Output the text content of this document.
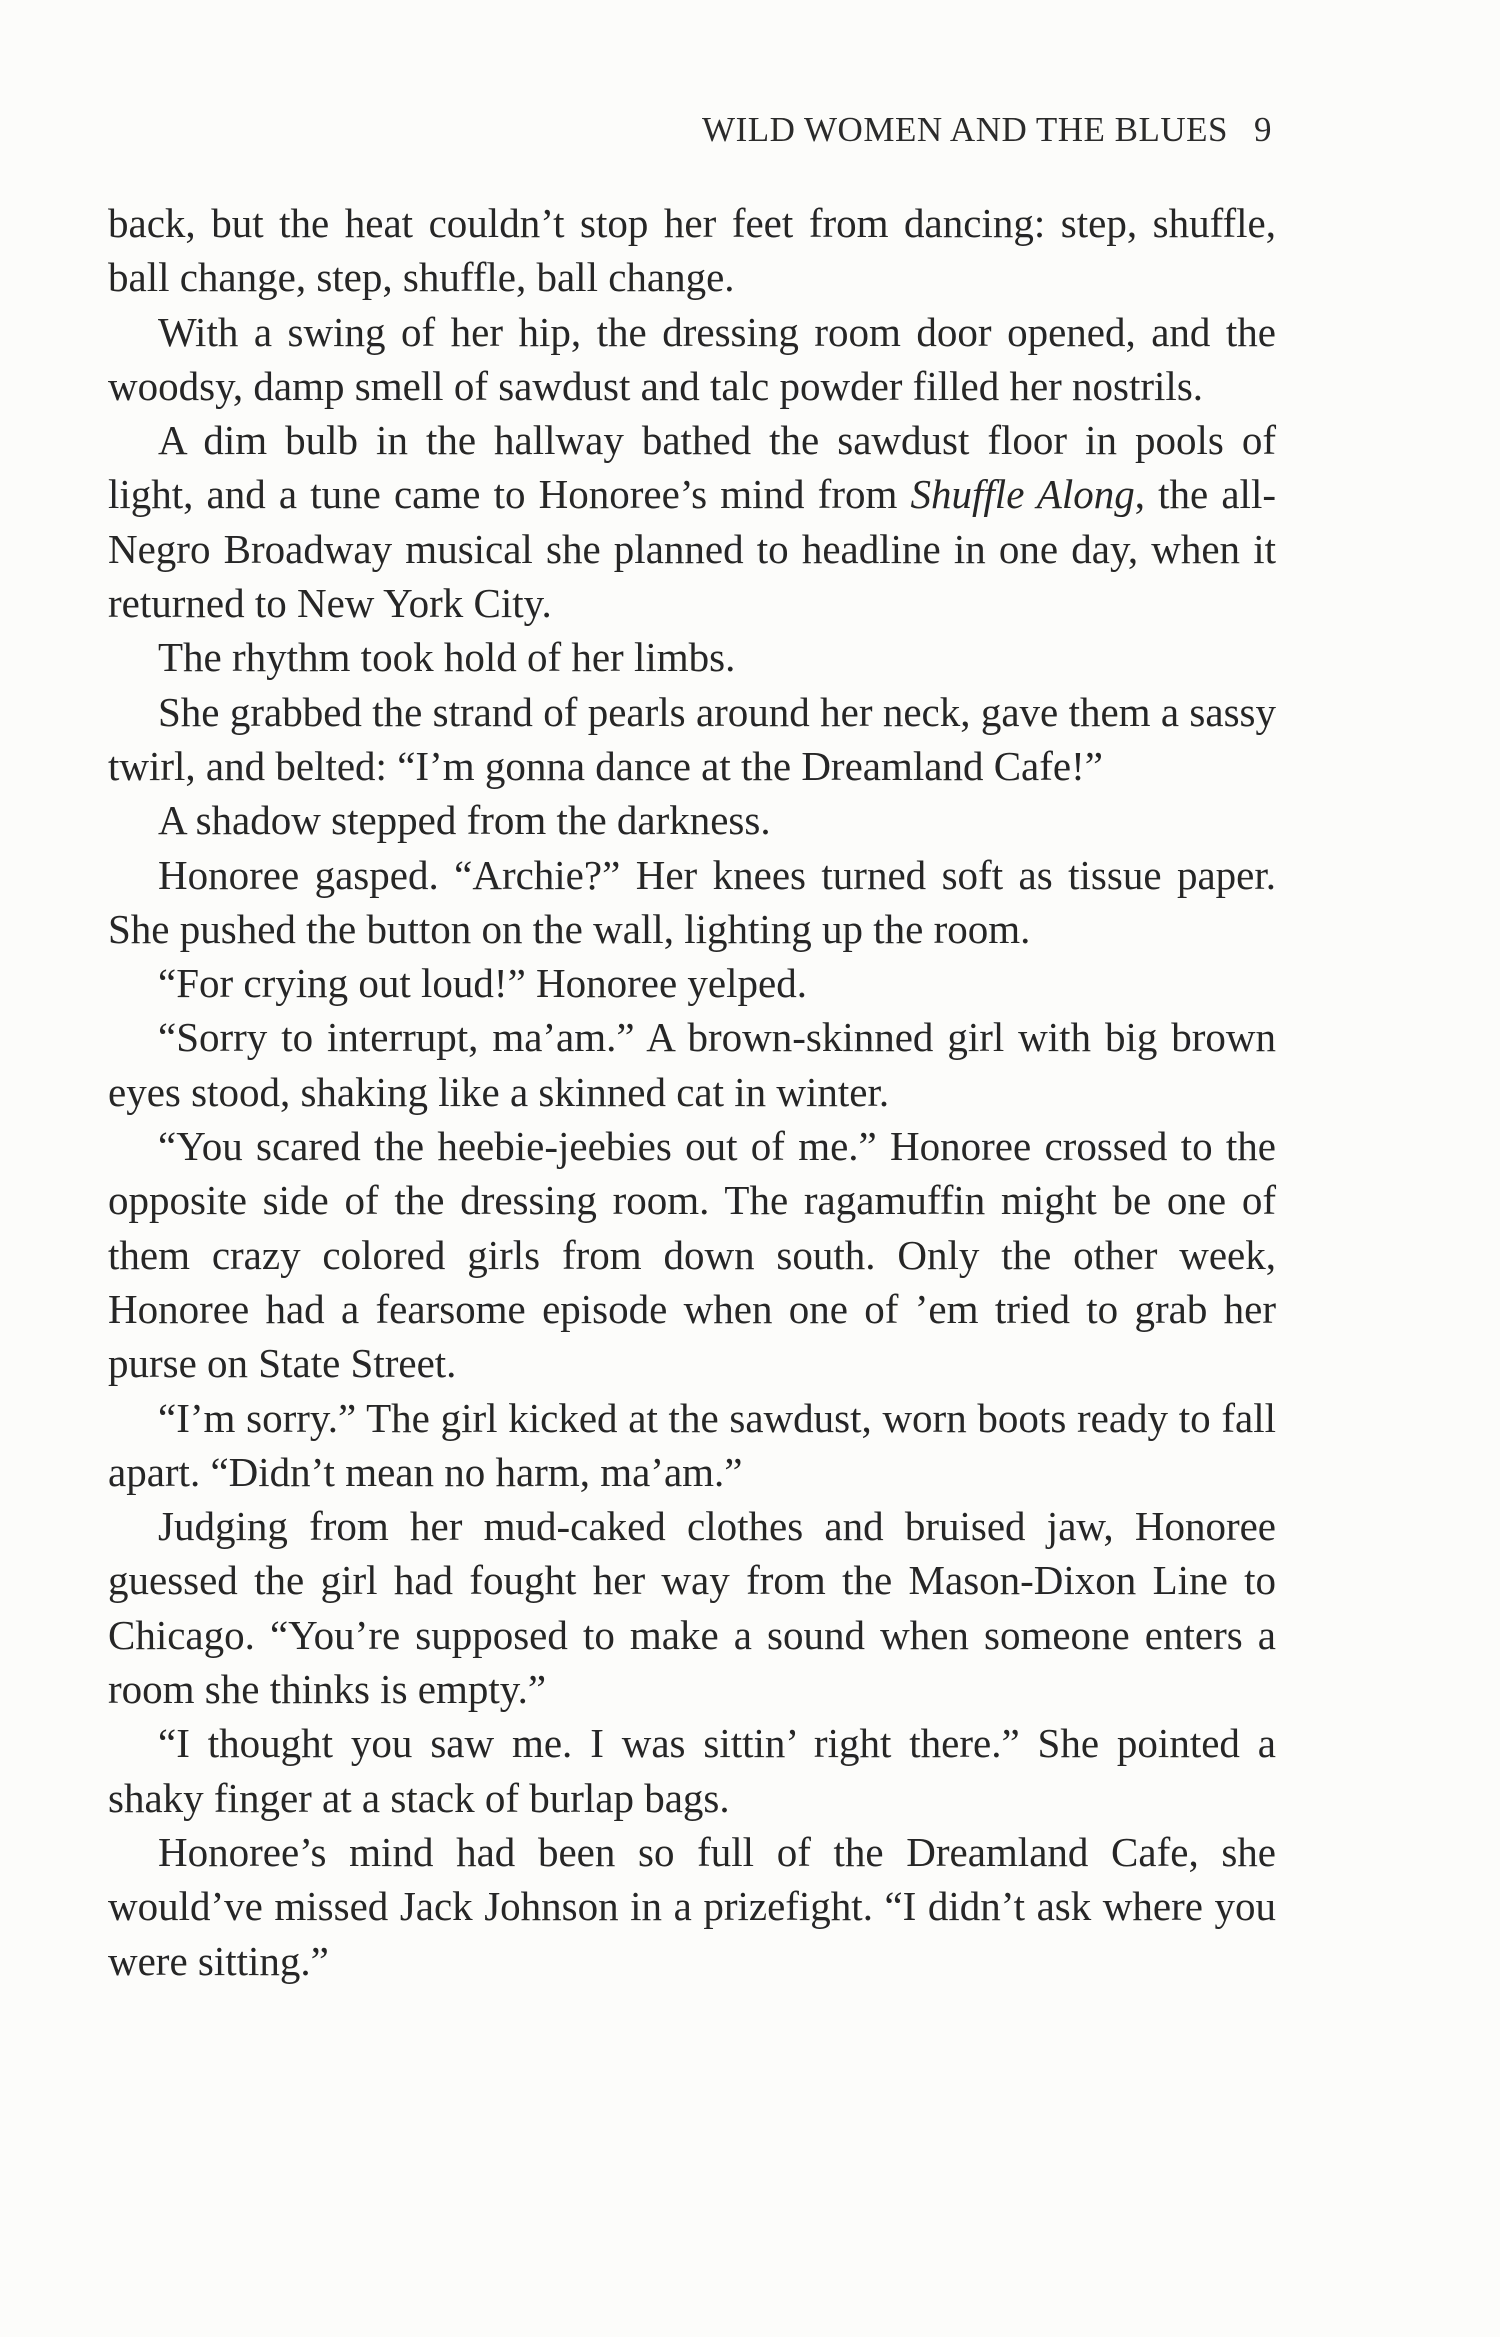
WILD WOMEN AND THE BLUES 9

back, but the heat couldn’t stop her feet from dancing: step, shuffle, ball change, step, shuffle, ball change.

With a swing of her hip, the dressing room door opened, and the woodsy, damp smell of sawdust and talc powder filled her nostrils.

A dim bulb in the hallway bathed the sawdust floor in pools of light, and a tune came to Honoree’s mind from Shuffle Along, the all-Negro Broadway musical she planned to headline in one day, when it returned to New York City.

The rhythm took hold of her limbs.

She grabbed the strand of pearls around her neck, gave them a sassy twirl, and belted: “I’m gonna dance at the Dreamland Cafe!”

A shadow stepped from the darkness.

Honoree gasped. “Archie?” Her knees turned soft as tissue paper. She pushed the button on the wall, lighting up the room.

“For crying out loud!” Honoree yelped.

“Sorry to interrupt, ma’am.” A brown-skinned girl with big brown eyes stood, shaking like a skinned cat in winter.

“You scared the heebie-jeebies out of me.” Honoree crossed to the opposite side of the dressing room. The ragamuffin might be one of them crazy colored girls from down south. Only the other week, Honoree had a fearsome episode when one of ’em tried to grab her purse on State Street.

“I’m sorry.” The girl kicked at the sawdust, worn boots ready to fall apart. “Didn’t mean no harm, ma’am.”

Judging from her mud-caked clothes and bruised jaw, Honoree guessed the girl had fought her way from the Mason-Dixon Line to Chicago. “You’re supposed to make a sound when someone enters a room she thinks is empty.”

“I thought you saw me. I was sittin’ right there.” She pointed a shaky finger at a stack of burlap bags.

Honoree’s mind had been so full of the Dreamland Cafe, she would’ve missed Jack Johnson in a prizefight. “I didn’t ask where you were sitting.”
